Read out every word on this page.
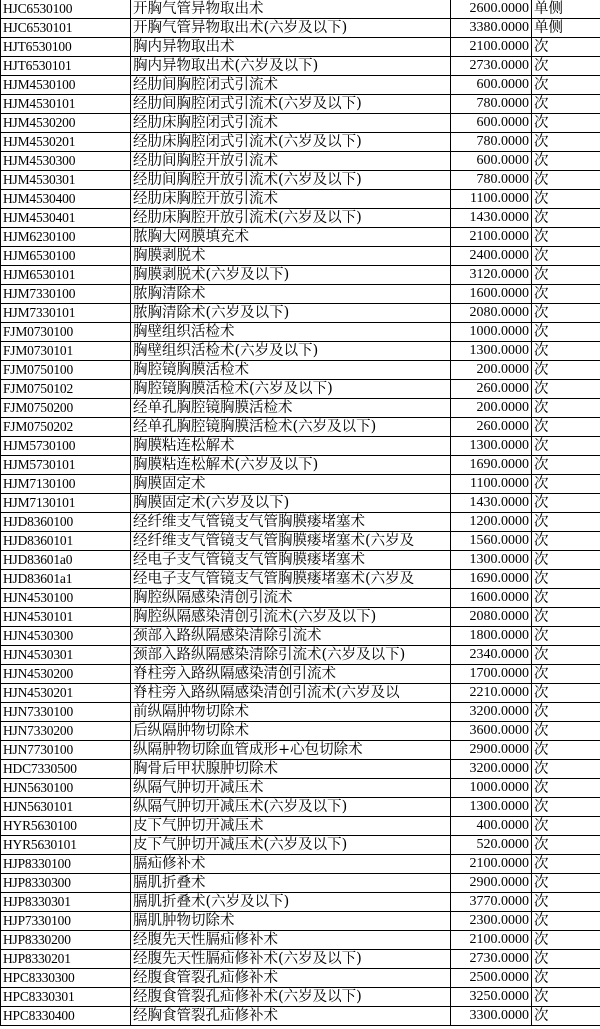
HJC6530100	开胸气管异物取出术	2600.0000	单侧
HJC6530101	开胸气管异物取出术(六岁及以下)	3380.0000	单侧
HJT6530100	胸内异物取出术	2100.0000	次
HJT6530101	胸内异物取出术(六岁及以下)	2730.0000	次
HJM4530100	经肋间胸腔闭式引流术	600.0000	次
HJM4530101	经肋间胸腔闭式引流术(六岁及以下)	780.0000	次
HJM4530200	经肋床胸腔闭式引流术	600.0000	次
HJM4530201	经肋床胸腔闭式引流术(六岁及以下)	780.0000	次
HJM4530300	经肋间胸腔开放引流术	600.0000	次
HJM4530301	经肋间胸腔开放引流术(六岁及以下)	780.0000	次
HJM4530400	经肋床胸腔开放引流术	1100.0000	次
HJM4530401	经肋床胸腔开放引流术(六岁及以下)	1430.0000	次
HJM6230100	脓胸大网膜填充术	2100.0000	次
HJM6530100	胸膜剥脱术	2400.0000	次
HJM6530101	胸膜剥脱术(六岁及以下)	3120.0000	次
HJM7330100	脓胸清除术	1600.0000	次
HJM7330101	脓胸清除术(六岁及以下)	2080.0000	次
FJM0730100	胸壁组织活检术	1000.0000	次
FJM0730101	胸壁组织活检术(六岁及以下)	1300.0000	次
FJM0750100	胸腔镜胸膜活检术	200.0000	次
FJM0750102	胸腔镜胸膜活检术(六岁及以下)	260.0000	次
FJM0750200	经单孔胸腔镜胸膜活检术	200.0000	次
FJM0750202	经单孔胸腔镜胸膜活检术(六岁及以下)	260.0000	次
HJM5730100	胸膜粘连松解术	1300.0000	次
HJM5730101	胸膜粘连松解术(六岁及以下)	1690.0000	次
HJM7130100	胸膜固定术	1100.0000	次
HJM7130101	胸膜固定术(六岁及以下)	1430.0000	次
HJD8360100	经纤维支气管镜支气管胸膜瘘堵塞术	1200.0000	次
HJD8360101	经纤维支气管镜支气管胸膜瘘堵塞术(六岁及	1560.0000	次
HJD83601a0	经电子支气管镜支气管胸膜瘘堵塞术	1300.0000	次
HJD83601a1	经电子支气管镜支气管胸膜瘘堵塞术(六岁及	1690.0000	次
HJN4530100	胸腔纵隔感染清创引流术	1600.0000	次
HJN4530101	胸腔纵隔感染清创引流术(六岁及以下)	2080.0000	次
HJN4530300	颈部入路纵隔感染清除引流术	1800.0000	次
HJN4530301	颈部入路纵隔感染清除引流术(六岁及以下)	2340.0000	次
HJN4530200	脊柱旁入路纵隔感染清创引流术	1700.0000	次
HJN4530201	脊柱旁入路纵隔感染清创引流术(六岁及以	2210.0000	次
HJN7330100	前纵隔肿物切除术	3200.0000	次
HJN7330200	后纵隔肿物切除术	3600.0000	次
HJN7730100	纵隔肿物切除血管成形+心包切除术	2900.0000	次
HDC7330500	胸骨后甲状腺肿切除术	3200.0000	次
HJN5630100	纵隔气肿切开减压术	1000.0000	次
HJN5630101	纵隔气肿切开减压术(六岁及以下)	1300.0000	次
HYR5630100	皮下气肿切开减压术	400.0000	次
HYR5630101	皮下气肿切开减压术(六岁及以下)	520.0000	次
HJP8330100	膈疝修补术	2100.0000	次
HJP8330300	膈肌折叠术	2900.0000	次
HJP8330301	膈肌折叠术(六岁及以下)	3770.0000	次
HJP7330100	膈肌肿物切除术	2300.0000	次
HJP8330200	经腹先天性膈疝修补术	2100.0000	次
HJP8330201	经腹先天性膈疝修补术(六岁及以下)	2730.0000	次
HPC8330300	经腹食管裂孔疝修补术	2500.0000	次
HPC8330301	经腹食管裂孔疝修补术(六岁及以下)	3250.0000	次
HPC8330400	经胸食管裂孔疝修补术	3300.0000	次
